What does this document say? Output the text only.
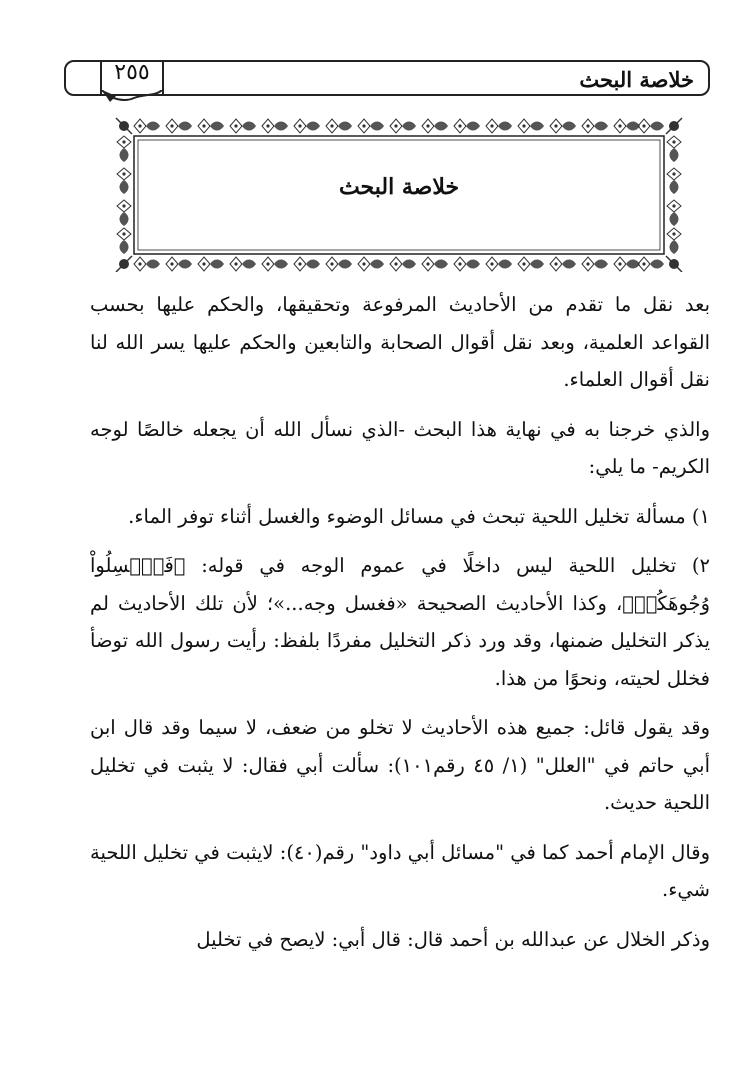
خلاصة البحث
٢٥٥
خلاصة البحث

بعد نقل ما تقدم من الأحاديث المرفوعة وتحقيقها، والحكم عليها بحسب القواعد العلمية، وبعد نقل أقوال الصحابة والتابعين والحكم عليها يسر الله لنا نقل أقوال العلماء.

والذي خرجنا به في نهاية هذا البحث -الذي نسأل الله أن يجعله خالصًا لوجه الكريم- ما يلي:

١) مسألة تخليل اللحية تبحث في مسائل الوضوء والغسل أثناء توفر الماء.

٢) تخليل اللحية ليس داخلًا في عموم الوجه في قوله: ﴿فَٱغۡسِلُواْ وُجُوهَكُمۡ﴾، وكذا الأحاديث الصحيحة «فغسل وجه...»؛ لأن تلك الأحاديث لم يذكر التخليل ضمنها، وقد ورد ذكر التخليل مفردًا بلفظ: رأيت رسول الله توضأ فخلل لحيته، ونحوًا من هذا.

وقد يقول قائل: جميع هذه الأحاديث لا تخلو من ضعف، لا سيما وقد قال ابن أبي حاتم في "العلل" (١/ ٤٥ رقم١٠١): سألت أبي فقال: لا يثبت في تخليل اللحية حديث.

وقال الإمام أحمد كما في "مسائل أبي داود" رقم(٤٠): لايثبت في تخليل اللحية شيء.

وذكر الخلال عن عبدالله بن أحمد قال: قال أبي: لايصح في تخليل
